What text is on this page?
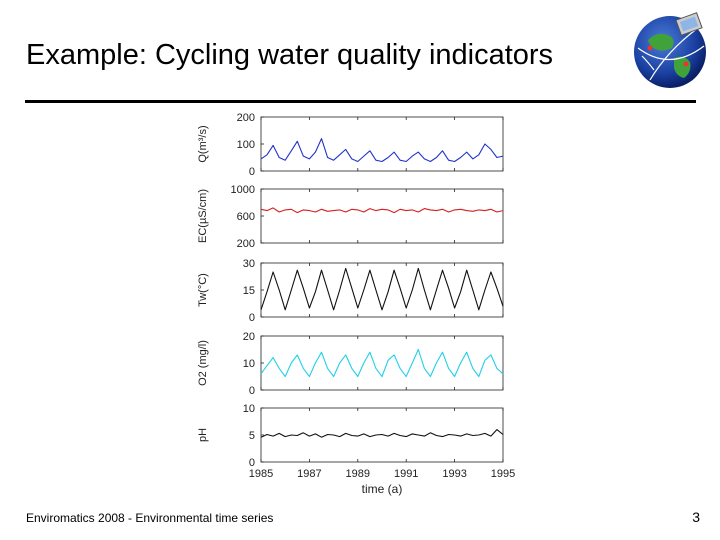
Example: Cycling water quality indicators
200
100
0
Q(m³/s)
1000
600
200
EC(µS/cm)
30
15
0
Tw(°C)
20
10
0
O2 (mg/l)
10
5
0
pH
1985 1987 1989 1991 1993 1995
time (a)
Enviromatics 2008 - Environmental time series	3
